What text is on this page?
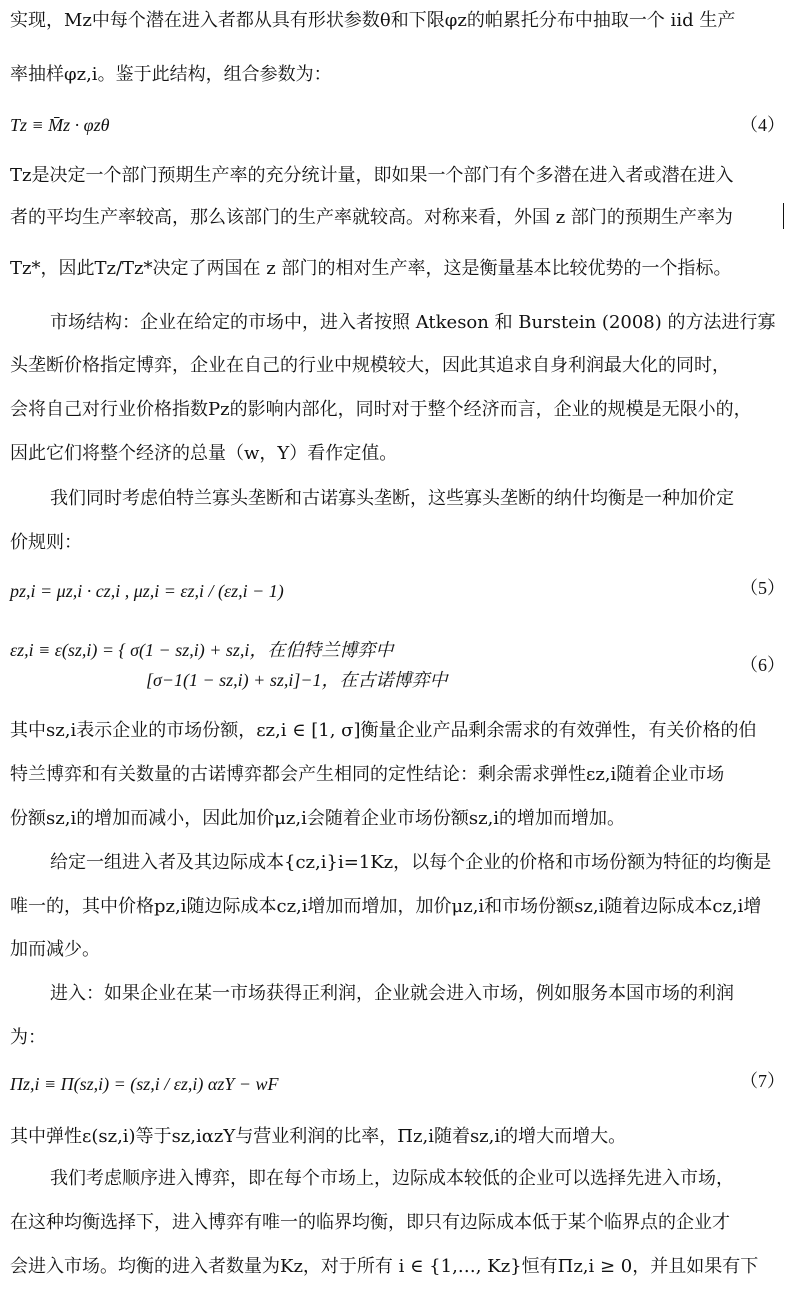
实现，Mz中每个潜在进入者都从具有形状参数θ和下限φz的帕累托分布中抽取一个 iid 生产
率抽样φz,i。鉴于此结构，组合参数为：
Tz ≡ M̄z · φzθ	（4）
Tz是决定一个部门预期生产率的充分统计量，即如果一个部门有个多潜在进入者或潜在进入
者的平均生产率较高，那么该部门的生产率就较高。对称来看，外国 z 部门的预期生产率为
Tz*，因此Tz/Tz*决定了两国在 z 部门的相对生产率，这是衡量基本比较优势的一个指标。
市场结构：企业在给定的市场中，进入者按照 Atkeson 和 Burstein (2008) 的方法进行寡
头垄断价格指定博弈，企业在自己的行业中规模较大，因此其追求自身利润最大化的同时，
会将自己对行业价格指数Pz的影响内部化，同时对于整个经济而言，企业的规模是无限小的，
因此它们将整个经济的总量（w，Y）看作定值。
我们同时考虑伯特兰寡头垄断和古诺寡头垄断，这些寡头垄断的纳什均衡是一种加价定
价规则：
pz,i = μz,i · cz,i , μz,i = εz,i / (εz,i − 1)	（5）
εz,i ≡ ε(sz,i) = { σ(1 − sz,i) + sz,i，在伯特兰博弈中
[σ−1(1 − sz,i) + sz,i]−1，在古诺博弈中
（6）
其中sz,i表示企业的市场份额，εz,i ∈ [1, σ]衡量企业产品剩余需求的有效弹性，有关价格的伯
特兰博弈和有关数量的古诺博弈都会产生相同的定性结论：剩余需求弹性εz,i随着企业市场
份额sz,i的增加而减小，因此加价μz,i会随着企业市场份额sz,i的增加而增加。
给定一组进入者及其边际成本{cz,i}i=1Kz，以每个企业的价格和市场份额为特征的均衡是
唯一的，其中价格pz,i随边际成本cz,i增加而增加，加价μz,i和市场份额sz,i随着边际成本cz,i增
加而减少。
进入：如果企业在某一市场获得正利润，企业就会进入市场，例如服务本国市场的利润
为：
Πz,i ≡ Π(sz,i) = (sz,i / εz,i) αzY − wF	（7）
其中弹性ε(sz,i)等于sz,iαzY与营业利润的比率，Πz,i随着sz,i的增大而增大。
我们考虑顺序进入博弈，即在每个市场上，边际成本较低的企业可以选择先进入市场，
在这种均衡选择下，进入博弈有唯一的临界均衡，即只有边际成本低于某个临界点的企业才
会进入市场。均衡的进入者数量为Kz，对于所有 i ∈ {1,…, Kz}恒有Πz,i ≥ 0，并且如果有下
